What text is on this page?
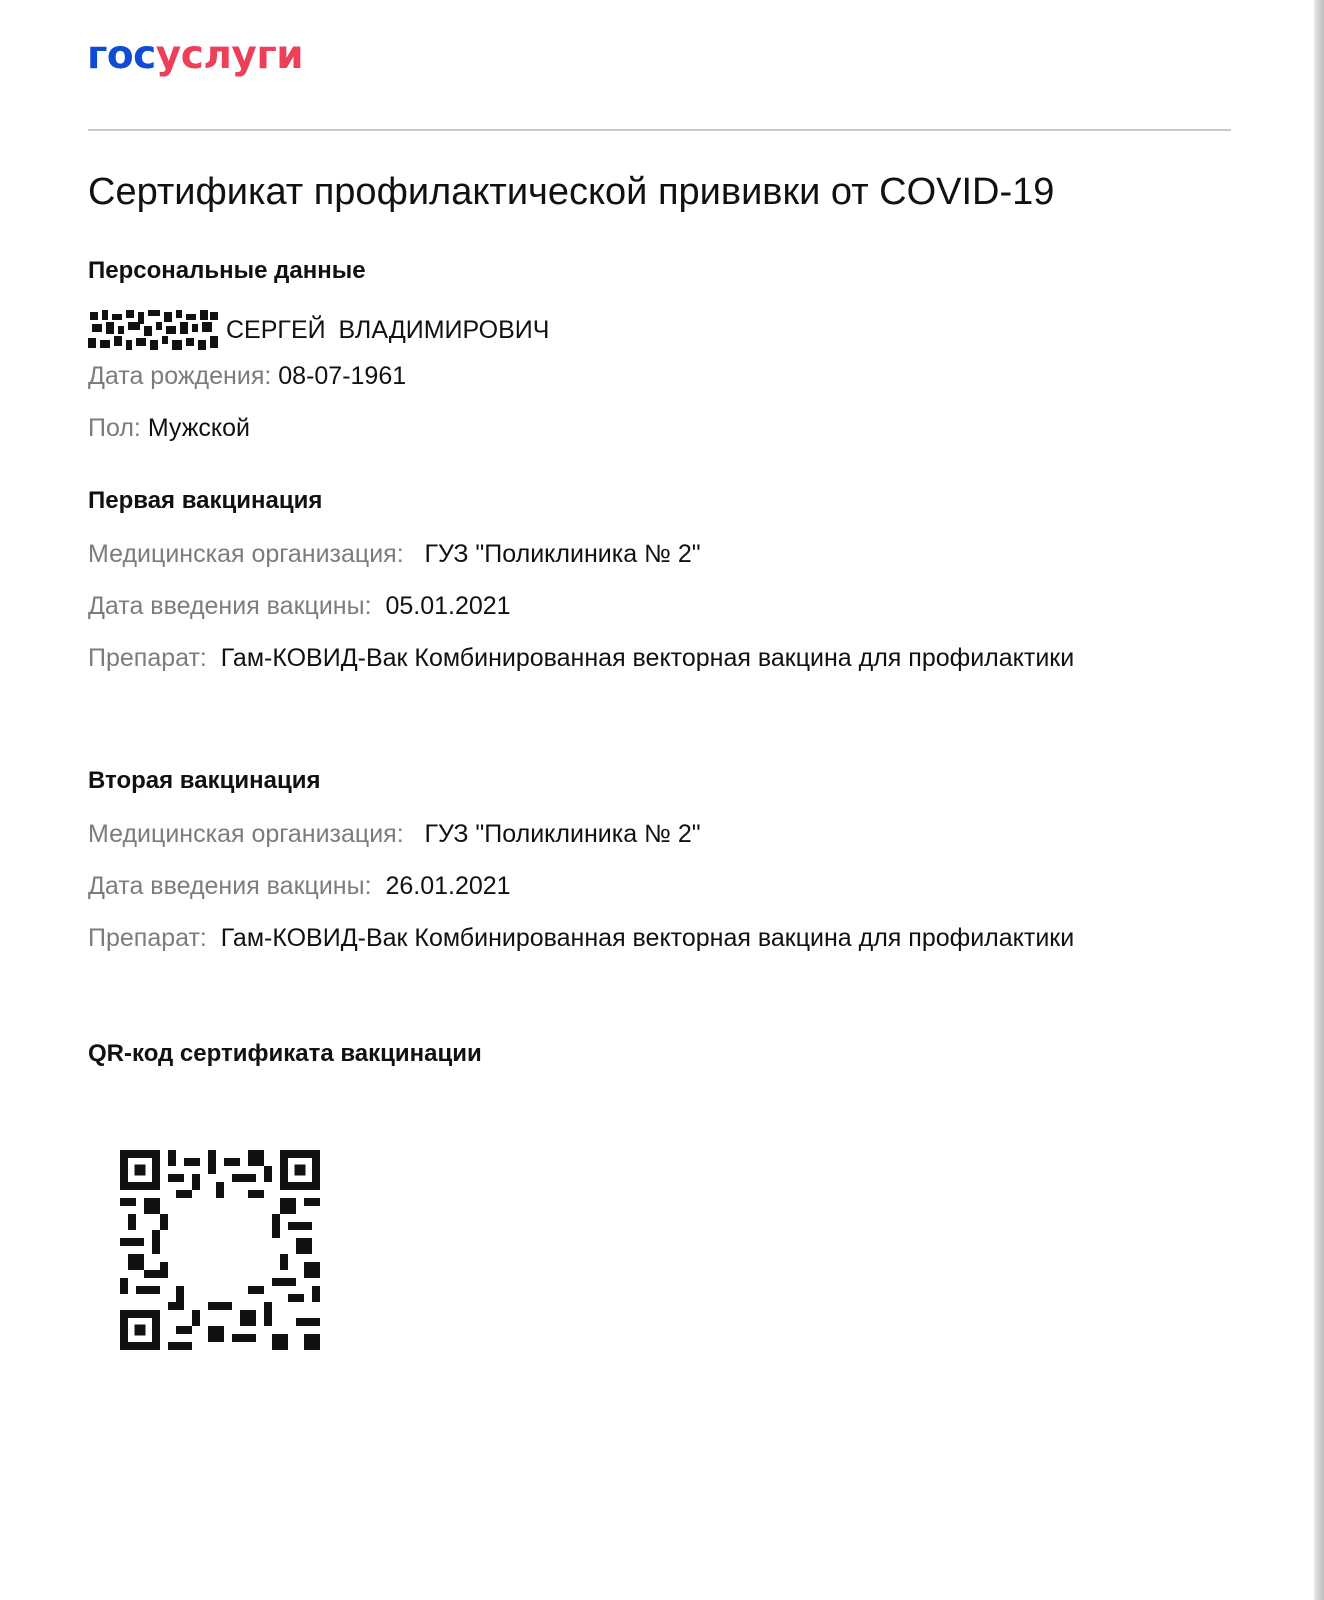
госуслуги
Сертификат профилактической прививки от COVID-19
Персональные данные
СЕРГЕЙ ВЛАДИМИРОВИЧ
Дата рождения: 08-07-1961
Пол: Мужской
Первая вакцинация
Медицинская организация: ГУЗ "Поликлиника № 2"
Дата введения вакцины: 05.01.2021
Препарат: Гам-КОВИД-Вак Комбинированная векторная вакцина для профилактики
Вторая вакцинация
Медицинская организация: ГУЗ "Поликлиника № 2"
Дата введения вакцины: 26.01.2021
Препарат: Гам-КОВИД-Вак Комбинированная векторная вакцина для профилактики
QR-код сертификата вакцинации
